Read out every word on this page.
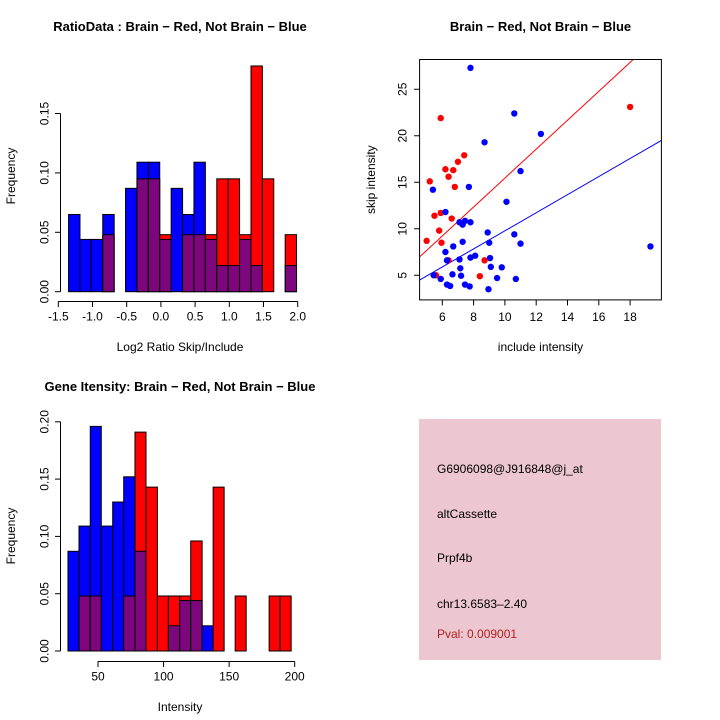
-1.5 -1.0 -0.5 0.0 0.5 1.0 1.5 2.0
0.00
0.05
0.10
0.15
RatioData : Brain − Red, Not Brain − Blue
Log2 Ratio Skip/Include
Frequency
6 8 10 12 14 16 18
5
10
15
20
25
Brain − Red, Not Brain − Blue
include intensity
skip intensity
50	100	150	200
0.00
0.05
0.10
0.15
0.20
Gene Itensity: Brain − Red, Not Brain − Blue
Intensity
Frequency
G6906098@J916848@j_at
altCassette
Prpf4b
chr13.6583–2.40
Pval: 0.009001
